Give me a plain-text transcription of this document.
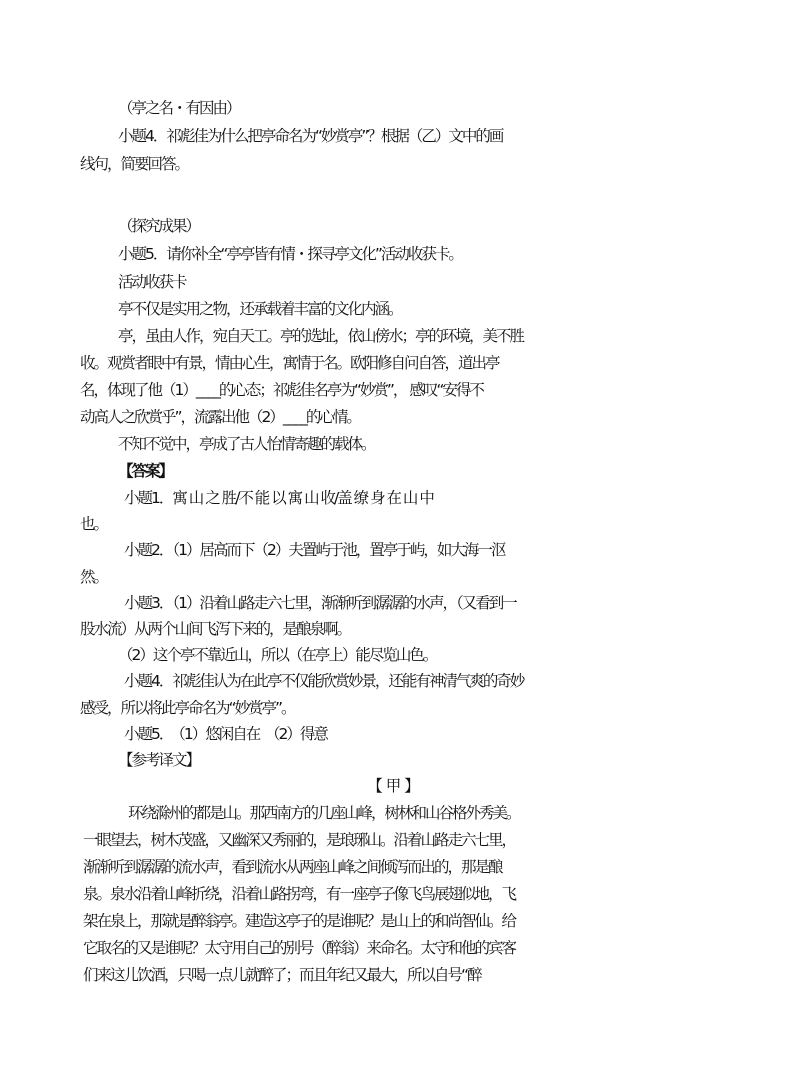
（亭之名・有因由）
小题4．祁彪佳为什么把亭命名为“妙赏亭”？根据（乙）文中的画
线句，简要回答。
（探究成果）
小题5．请你补全“亭亭皆有情・探寻亭文化”活动收获卡。
活动收获卡
亭不仅是实用之物，还承载着丰富的文化内涵。
亭，虽由人作，宛自天工。亭的选址，依山傍水；亭的环境，美不胜
收。观赏者眼中有景，情由心生，寓情于名。欧阳修自问自答，道出亭
名，体现了他（1）____的心态；祁彪佳名亭为“妙赏”， 感叹“安得不
动高人之欣赏乎”，流露出他（2）____的心情。
不知不觉中，亭成了古人怡情寄趣的载体。
【答案】
小题1．寓 山 之 胜/不 能 以 寓 山 收/盖 缭 身 在 山 中
也。
小题2．（1）居高而下（2）夫置屿于池，置亭于屿，如大海一沤
然。
小题3．（1）沿着山路走六七里，渐渐听到潺潺的水声，（又看到一
股水流）从两个山间飞泻下来的，是酿泉啊。
（2）这个亭不靠近山，所以（在亭上）能尽览山色。
小题4．祁彪佳认为在此亭不仅能欣赏妙景，还能有神清气爽的奇妙
感受，所以将此亭命名为“妙赏亭”。
小题5．　（1）悠闲自在　（2）得意
【参考译文】
【甲】
环绕滁州的都是山。那西南方的几座山峰，树林和山谷格外秀美。
一眼望去，树木茂盛，又幽深又秀丽的，是琅琊山。沿着山路走六七里，
渐渐听到潺潺的流水声，看到流水从两座山峰之间倾泻而出的，那是酿
泉。泉水沿着山峰折绕，沿着山路拐弯，有一座亭子像飞鸟展翅似地，飞
架在泉上，那就是醉翁亭。建造这亭子的是谁呢？是山上的和尚智仙。给
它取名的又是谁呢？太守用自己的别号（醉翁）来命名。太守和他的宾客
们来这儿饮酒，只喝一点儿就醉了；而且年纪又最大，所以自号“醉
